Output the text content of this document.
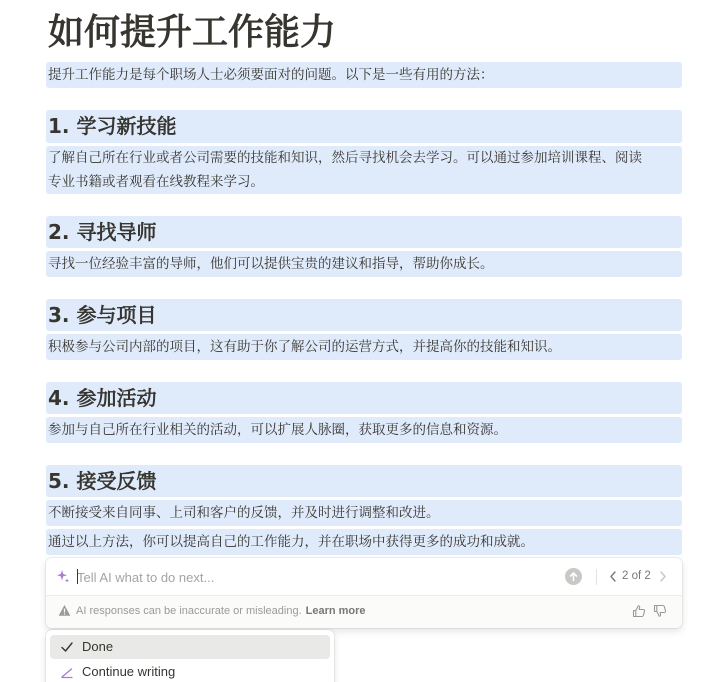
如何提升工作能力
提升工作能力是每个职场人士必须要面对的问题。以下是一些有用的方法：
1. 学习新技能
了解自己所在行业或者公司需要的技能和知识，然后寻找机会去学习。可以通过参加培训课程、阅读
专业书籍或者观看在线教程来学习。
2. 寻找导师
寻找一位经验丰富的导师，他们可以提供宝贵的建议和指导，帮助你成长。
3. 参与项目
积极参与公司内部的项目，这有助于你了解公司的运营方式，并提高你的技能和知识。
4. 参加活动
参加与自己所在行业相关的活动，可以扩展人脉圈，获取更多的信息和资源。
5. 接受反馈
不断接受来自同事、上司和客户的反馈，并及时进行调整和改进。
通过以上方法，你可以提高自己的工作能力，并在职场中获得更多的成功和成就。
Tell AI what to do next...
2 of 2
AI responses can be inaccurate or misleading. Learn more
Done
Continue writing
